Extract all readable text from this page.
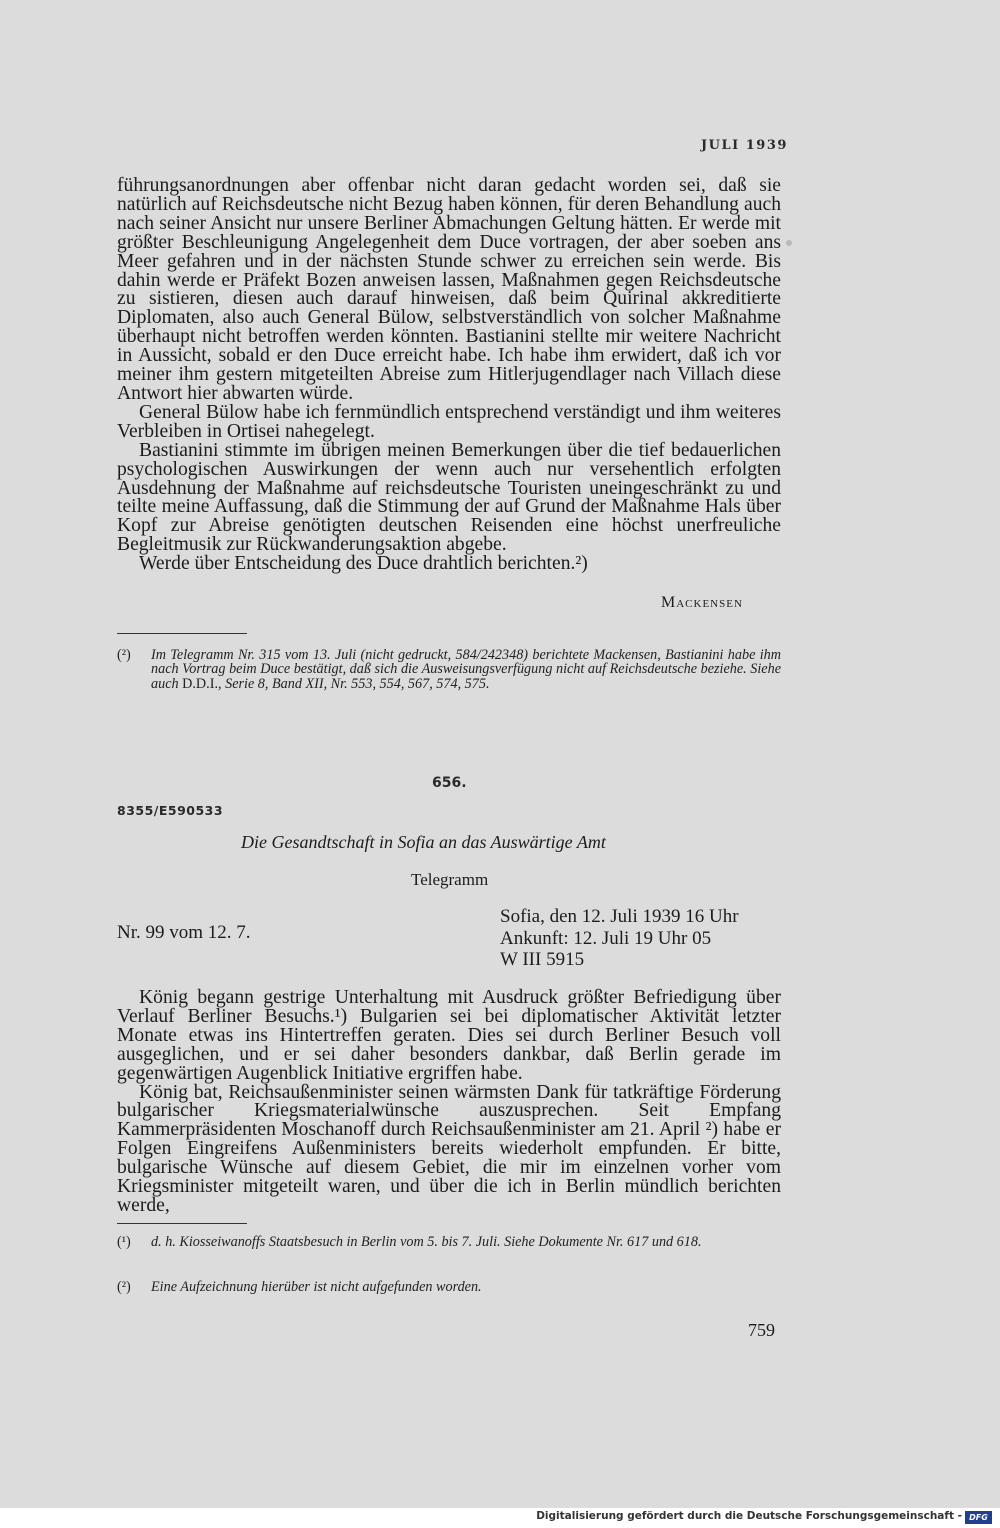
JULI 1939

führungsanordnungen aber offenbar nicht daran gedacht worden sei, daß sie natürlich auf Reichsdeutsche nicht Bezug haben können, für deren Behandlung auch nach seiner Ansicht nur unsere Berliner Abmachungen Geltung hätten. Er werde mit größter Beschleunigung Angelegenheit dem Duce vortragen, der aber soeben ans Meer gefahren und in der nächsten Stunde schwer zu erreichen sein werde. Bis dahin werde er Präfekt Bozen anweisen lassen, Maßnahmen gegen Reichsdeutsche zu sistieren, diesen auch darauf hinweisen, daß beim Quirinal akkreditierte Diplomaten, also auch General Bülow, selbstverständlich von solcher Maßnahme überhaupt nicht betroffen werden könnten. Bastianini stellte mir weitere Nachricht in Aussicht, sobald er den Duce erreicht habe. Ich habe ihm erwidert, daß ich vor meiner ihm gestern mitgeteilten Abreise zum Hitlerjugendlager nach Villach diese Antwort hier abwarten würde.

General Bülow habe ich fernmündlich entsprechend verständigt und ihm weiteres Verbleiben in Ortisei nahegelegt.

Bastianini stimmte im übrigen meinen Bemerkungen über die tief bedauerlichen psychologischen Auswirkungen der wenn auch nur versehentlich erfolgten Ausdehnung der Maßnahme auf reichsdeutsche Touristen uneingeschränkt zu und teilte meine Auffassung, daß die Stimmung der auf Grund der Maßnahme Hals über Kopf zur Abreise genötigten deutschen Reisenden eine höchst unerfreuliche Begleitmusik zur Rückwanderungsaktion abgebe.

Werde über Entscheidung des Duce drahtlich berichten.²)

Mackensen
(²) Im Telegramm Nr. 315 vom 13. Juli (nicht gedruckt, 584/242348) berichtete Mackensen, Bastianini habe ihm nach Vortrag beim Duce bestätigt, daß sich die Ausweisungsverfügung nicht auf Reichsdeutsche beziehe. Siehe auch D.D.I., Serie 8, Band XII, Nr. 553, 554, 567, 574, 575.
656.
8355/E590533
Die Gesandtschaft in Sofia an das Auswärtige Amt
Telegramm
Nr. 99 vom 12. 7.
Sofia, den 12. Juli 1939 16 Uhr
Ankunft: 12. Juli 19 Uhr 05
W III 5915

König begann gestrige Unterhaltung mit Ausdruck größter Befriedigung über Verlauf Berliner Besuchs.¹) Bulgarien sei bei diplomatischer Aktivität letzter Monate etwas ins Hintertreffen geraten. Dies sei durch Berliner Besuch voll ausgeglichen, und er sei daher besonders dankbar, daß Berlin gerade im gegenwärtigen Augenblick Initiative ergriffen habe.

König bat, Reichsaußenminister seinen wärmsten Dank für tatkräftige Förderung bulgarischer Kriegsmaterialwünsche auszusprechen. Seit Empfang Kammerpräsidenten Moschanoff durch Reichsaußenminister am 21. April ²) habe er Folgen Eingreifens Außenministers bereits wiederholt empfunden. Er bitte, bulgarische Wünsche auf diesem Gebiet, die mir im einzelnen vorher vom Kriegsminister mitgeteilt waren, und über die ich in Berlin mündlich berichten werde,

(¹) d. h. Kiosseiwanoffs Staatsbesuch in Berlin vom 5. bis 7. Juli. Siehe Dokumente Nr. 617 und 618.
(²) Eine Aufzeichnung hierüber ist nicht aufgefunden worden.
759
Digitalisierung gefördert durch die Deutsche Forschungsgemeinschaft - DFG
